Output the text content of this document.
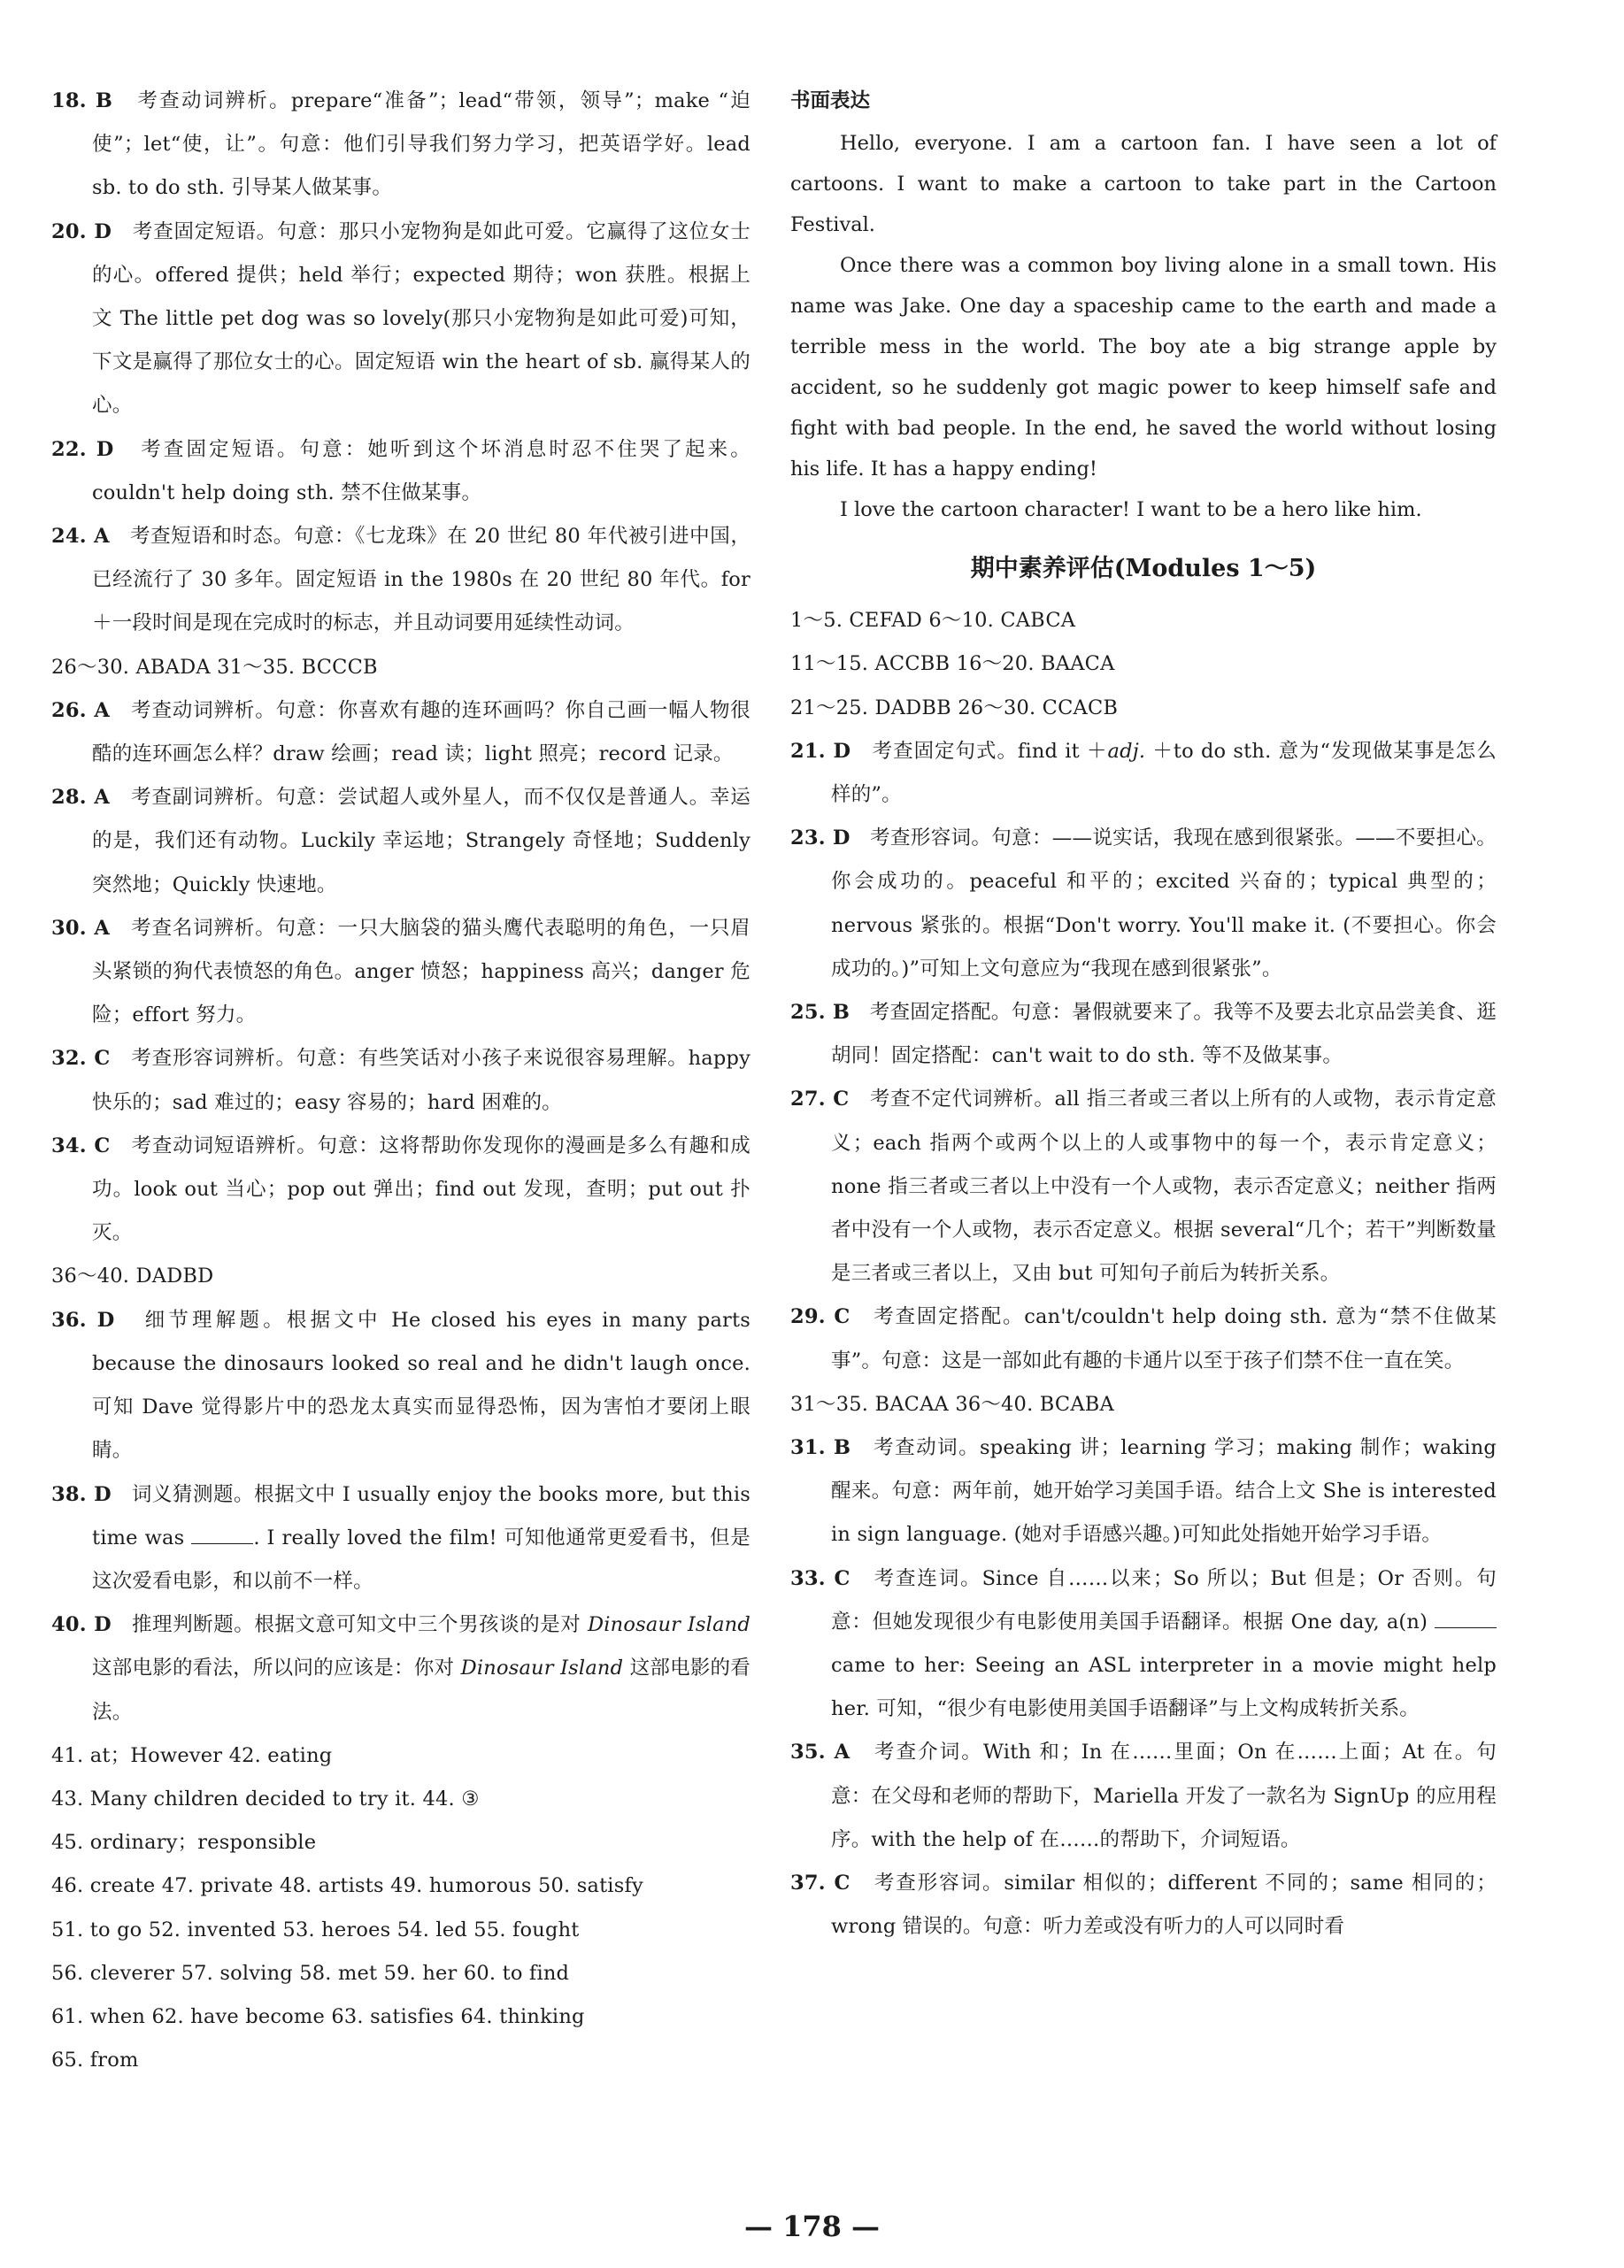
18. B 考查动词辨析。prepare“准备”；lead“带领，领导”；make “迫使”；let“使，让”。句意：他们引导我们努力学习，把英语学好。lead sb. to do sth. 引导某人做某事。

20. D 考查固定短语。句意：那只小宠物狗是如此可爱。它赢得了这位女士的心。offered 提供；held 举行；expected 期待；won 获胜。根据上文 The little pet dog was so lovely(那只小宠物狗是如此可爱)可知，下文是赢得了那位女士的心。固定短语 win the heart of sb. 赢得某人的心。

22. D 考查固定短语。句意：她听到这个坏消息时忍不住哭了起来。couldn't help doing sth. 禁不住做某事。

24. A 考查短语和时态。句意：《七龙珠》在 20 世纪 80 年代被引进中国，已经流行了 30 多年。固定短语 in the 1980s 在 20 世纪 80 年代。for＋一段时间是现在完成时的标志，并且动词要用延续性动词。

26～30. ABADA 31～35. BCCCB

26. A 考查动词辨析。句意：你喜欢有趣的连环画吗？你自己画一幅人物很酷的连环画怎么样？draw 绘画；read 读；light 照亮；record 记录。

28. A 考查副词辨析。句意：尝试超人或外星人，而不仅仅是普通人。幸运的是，我们还有动物。Luckily 幸运地；Strangely 奇怪地；Suddenly 突然地；Quickly 快速地。

30. A 考查名词辨析。句意：一只大脑袋的猫头鹰代表聪明的角色，一只眉头紧锁的狗代表愤怒的角色。anger 愤怒；happiness 高兴；danger 危险；effort 努力。

32. C 考查形容词辨析。句意：有些笑话对小孩子来说很容易理解。happy 快乐的；sad 难过的；easy 容易的；hard 困难的。

34. C 考查动词短语辨析。句意：这将帮助你发现你的漫画是多么有趣和成功。look out 当心；pop out 弹出；find out 发现，查明；put out 扑灭。

36～40. DADBD

36. D 细节理解题。根据文中 He closed his eyes in many parts because the dinosaurs looked so real and he didn't laugh once. 可知 Dave 觉得影片中的恐龙太真实而显得恐怖，因为害怕才要闭上眼睛。

38. D 词义猜测题。根据文中 I usually enjoy the books more, but this time was	. I really loved the film! 可知他通常更爱看书，但是这次爱看电影，和以前不一样。

40. D 推理判断题。根据文意可知文中三个男孩谈的是对 Dinosaur Island 这部电影的看法，所以问的应该是：你对 Dinosaur Island 这部电影的看法。

41. at；However 42. eating

43. Many children decided to try it. 44. ③

45. ordinary；responsible

46. create 47. private 48. artists 49. humorous 50. satisfy

51. to go 52. invented 53. heroes 54. led 55. fought

56. cleverer 57. solving 58. met 59. her 60. to find

61. when 62. have become 63. satisfies 64. thinking

65. from

书面表达

Hello, everyone. I am a cartoon fan. I have seen a lot of cartoons. I want to make a cartoon to take part in the Cartoon Festival.

Once there was a common boy living alone in a small town. His name was Jake. One day a spaceship came to the earth and made a terrible mess in the world. The boy ate a big strange apple by accident, so he suddenly got magic power to keep himself safe and fight with bad people. In the end, he saved the world without losing his life. It has a happy ending!

I love the cartoon character! I want to be a hero like him.

期中素养评估(Modules 1～5)

1～5. CEFAD 6～10. CABCA

11～15. ACCBB 16～20. BAACA

21～25. DADBB 26～30. CCACB

21. D 考查固定句式。find it ＋adj. ＋to do sth. 意为“发现做某事是怎么样的”。

23. D 考查形容词。句意：——说实话，我现在感到很紧张。——不要担心。你会成功的。peaceful 和平的；excited 兴奋的；typical 典型的；nervous 紧张的。根据“Don't worry. You'll make it. (不要担心。你会成功的。)”可知上文句意应为“我现在感到很紧张”。

25. B 考查固定搭配。句意：暑假就要来了。我等不及要去北京品尝美食、逛胡同！固定搭配：can't wait to do sth. 等不及做某事。

27. C 考查不定代词辨析。all 指三者或三者以上所有的人或物，表示肯定意义；each 指两个或两个以上的人或事物中的每一个，表示肯定意义；none 指三者或三者以上中没有一个人或物，表示否定意义；neither 指两者中没有一个人或物，表示否定意义。根据 several“几个；若干”判断数量是三者或三者以上，又由 but 可知句子前后为转折关系。

29. C 考查固定搭配。can't/couldn't help doing sth. 意为“禁不住做某事”。句意：这是一部如此有趣的卡通片以至于孩子们禁不住一直在笑。

31～35. BACAA 36～40. BCABA

31. B 考查动词。speaking 讲；learning 学习；making 制作；waking 醒来。句意：两年前，她开始学习美国手语。结合上文 She is interested in sign language. (她对手语感兴趣。)可知此处指她开始学习手语。

33. C 考查连词。Since 自……以来；So 所以；But 但是；Or 否则。句意：但她发现很少有电影使用美国手语翻译。根据 One day, a(n)  came to her: Seeing an ASL interpreter in a movie might help her. 可知，“很少有电影使用美国手语翻译”与上文构成转折关系。

35. A 考查介词。With 和；In 在……里面；On 在……上面；At 在。句意：在父母和老师的帮助下，Mariella 开发了一款名为 SignUp 的应用程序。with the help of 在……的帮助下，介词短语。

37. C 考查形容词。similar 相似的；different 不同的；same 相同的；wrong 错误的。句意：听力差或没有听力的人可以同时看

— 178 —
